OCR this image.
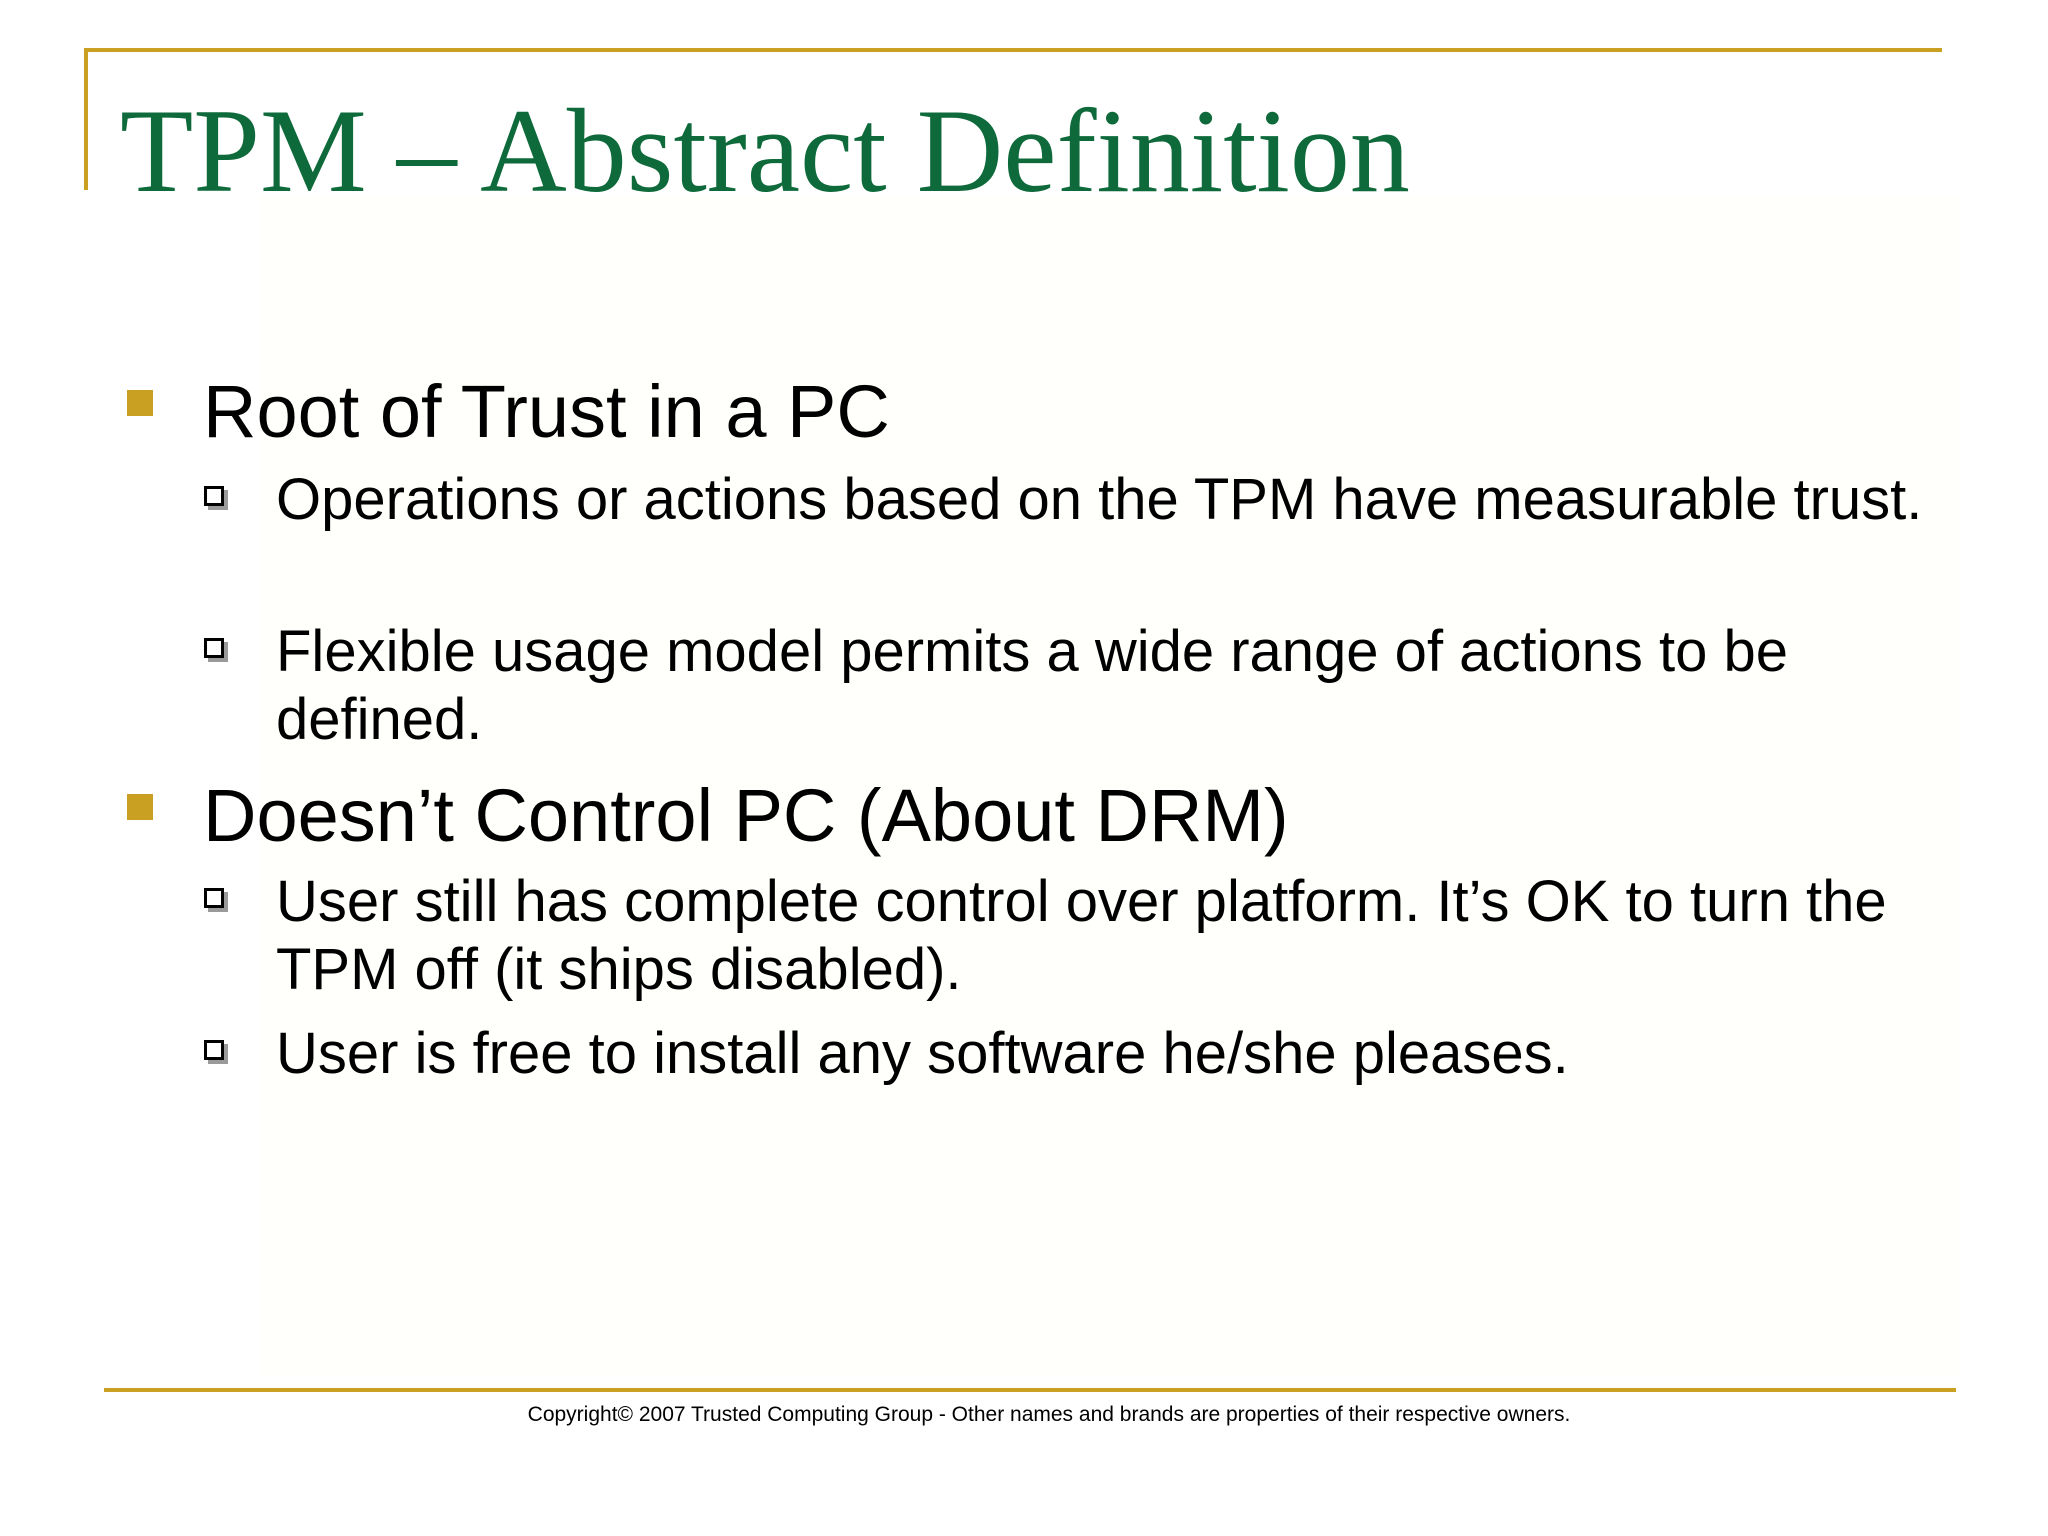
TPM – Abstract Definition
Root of Trust in a PC
Operations or actions based on the TPM have measurable trust.
Flexible usage model permits a wide range of actions to be defined.
Doesn’t Control PC (About DRM)
User still has complete control over platform. It’s OK to turn the TPM off (it ships disabled).
User is free to install any software he/she pleases.
Copyright© 2007 Trusted Computing Group - Other names and brands are properties of their respective owners.
